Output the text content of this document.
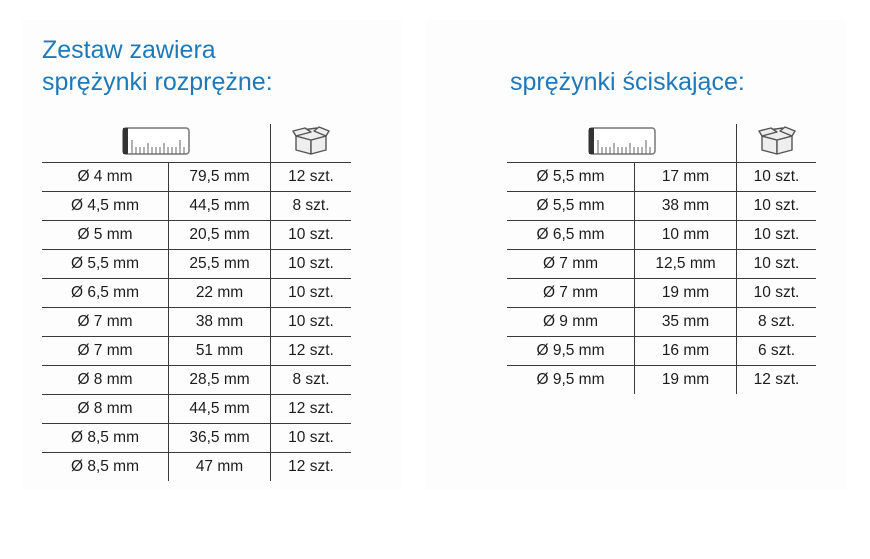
Zestaw zawiera
sprężynki rozprężne:	sprężynki ściskające:

Ø 4 mm	79,5 mm	12 szt.
Ø 4,5 mm	44,5 mm	8 szt.
Ø 5 mm	20,5 mm	10 szt.
Ø 5,5 mm	25,5 mm	10 szt.
Ø 6,5 mm	22 mm	10 szt.
Ø 7 mm	38 mm	10 szt.
Ø 7 mm	51 mm	12 szt.
Ø 8 mm	28,5 mm	8 szt.
Ø 8 mm	44,5 mm	12 szt.
Ø 8,5 mm	36,5 mm	10 szt.
Ø 8,5 mm	47 mm	12 szt.

Ø 5,5 mm	17 mm	10 szt.
Ø 5,5 mm	38 mm	10 szt.
Ø 6,5 mm	10 mm	10 szt.
Ø 7 mm	12,5 mm	10 szt.
Ø 7 mm	19 mm	10 szt.
Ø 9 mm	35 mm	8 szt.
Ø 9,5 mm	16 mm	6 szt.
Ø 9,5 mm	19 mm	12 szt.
